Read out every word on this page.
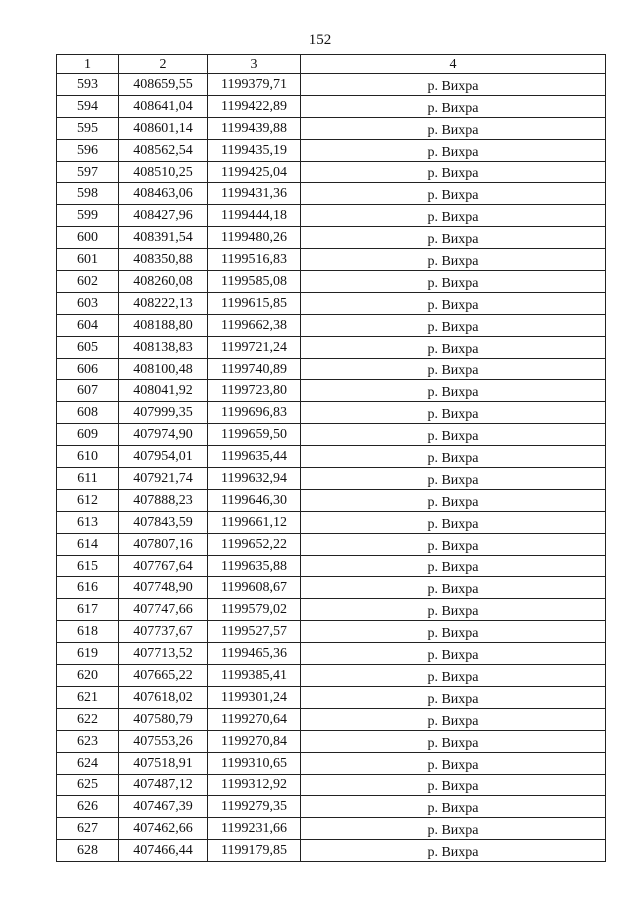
152
1	2	3	4
593	408659,55	1199379,71	р. Вихра
594	408641,04	1199422,89	р. Вихра
595	408601,14	1199439,88	р. Вихра
596	408562,54	1199435,19	р. Вихра
597	408510,25	1199425,04	р. Вихра
598	408463,06	1199431,36	р. Вихра
599	408427,96	1199444,18	р. Вихра
600	408391,54	1199480,26	р. Вихра
601	408350,88	1199516,83	р. Вихра
602	408260,08	1199585,08	р. Вихра
603	408222,13	1199615,85	р. Вихра
604	408188,80	1199662,38	р. Вихра
605	408138,83	1199721,24	р. Вихра
606	408100,48	1199740,89	р. Вихра
607	408041,92	1199723,80	р. Вихра
608	407999,35	1199696,83	р. Вихра
609	407974,90	1199659,50	р. Вихра
610	407954,01	1199635,44	р. Вихра
611	407921,74	1199632,94	р. Вихра
612	407888,23	1199646,30	р. Вихра
613	407843,59	1199661,12	р. Вихра
614	407807,16	1199652,22	р. Вихра
615	407767,64	1199635,88	р. Вихра
616	407748,90	1199608,67	р. Вихра
617	407747,66	1199579,02	р. Вихра
618	407737,67	1199527,57	р. Вихра
619	407713,52	1199465,36	р. Вихра
620	407665,22	1199385,41	р. Вихра
621	407618,02	1199301,24	р. Вихра
622	407580,79	1199270,64	р. Вихра
623	407553,26	1199270,84	р. Вихра
624	407518,91	1199310,65	р. Вихра
625	407487,12	1199312,92	р. Вихра
626	407467,39	1199279,35	р. Вихра
627	407462,66	1199231,66	р. Вихра
628	407466,44	1199179,85	р. Вихра
